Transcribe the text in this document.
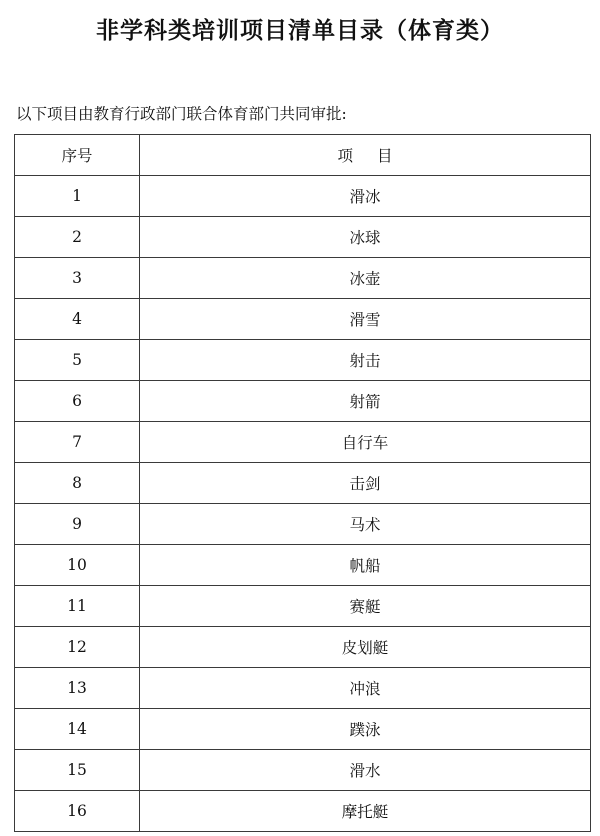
非学科类培训项目清单目录（体育类）
以下项目由教育行政部门联合体育部门共同审批:
序号	项目
1	滑冰
2	冰球
3	冰壶
4	滑雪
5	射击
6	射箭
7	自行车
8	击剑
9	马术
10	帆船
11	赛艇
12	皮划艇
13	冲浪
14	蹼泳
15	滑水
16	摩托艇
